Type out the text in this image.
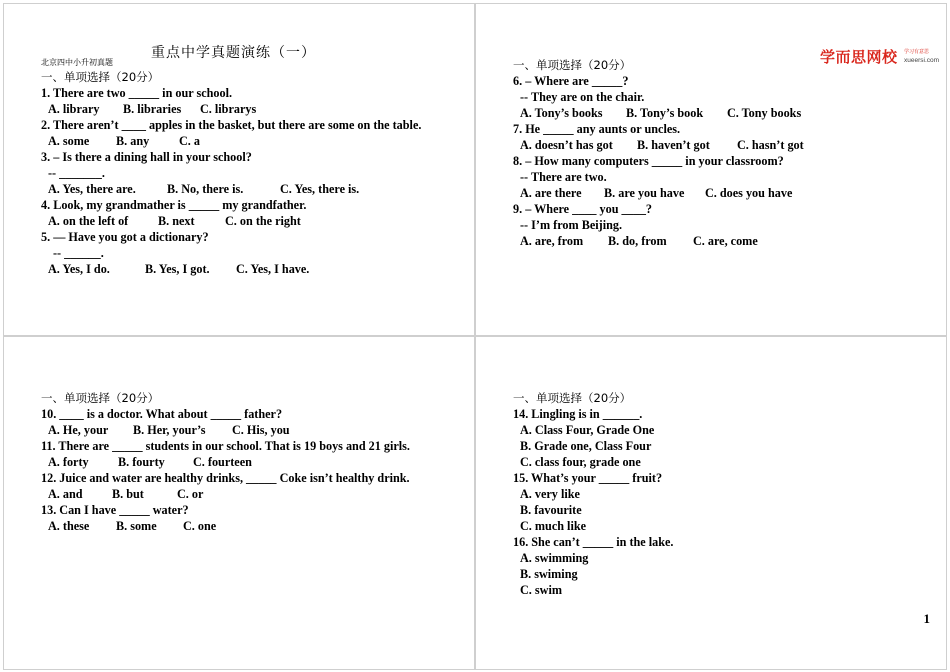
重点中学真题演练（一）
北京四中小升初真题
一、单项选择（20分）
1. There are two _____ in our school.
A. library B. libraries C. librarys
2. There aren’t ____ apples in the basket, but there are some on the table.
A. some B. any C. a
3. – Is there a dining hall in your school?
-- _______.
A. Yes, there are.	B. No, there is.	C. Yes, there is.
4. Look, my grandmather is _____ my grandfather.
A. on the left of B. next C. on the right
5. — Have you got a dictionary?
-- ______.
A. Yes, I do.	B. Yes, I got. C. Yes, I have.
学而思网校 学习有意思
xueersi.com
一、单项选择（20分）
6. – Where are _____?
-- They are on the chair.
A. Tony’s books B. Tony’s book C. Tony books
7. He _____ any aunts or uncles.
A. doesn’t has got B. haven’t got C. hasn’t got
8. – How many computers _____ in your classroom?
-- There are two.
A. are there B. are you have C. does you have
9. – Where ____ you ____?
-- I’m from Beijing.
A. are, from B. do, from C. are, come
一、单项选择（20分）
10. ____ is a doctor. What about _____ father?
A. He, your B. Her, your’s C. His, you
11. There are _____ students in our school. That is 19 boys and 21 girls.
A. forty B. fourty C. fourteen
12. Juice and water are healthy drinks, _____ Coke isn’t healthy drink.
A. and B. but	C. or
13. Can I have _____ water?
A. these B. some C. one
一、单项选择（20分）
14. Lingling is in ______.
A. Class Four, Grade One
B. Grade one, Class Four
C. class four, grade one
15. What’s your _____ fruit?
A. very like
B. favourite
C. much like
16. She can’t _____ in the lake.
A. swimming
B. swiming
C. swim
1
